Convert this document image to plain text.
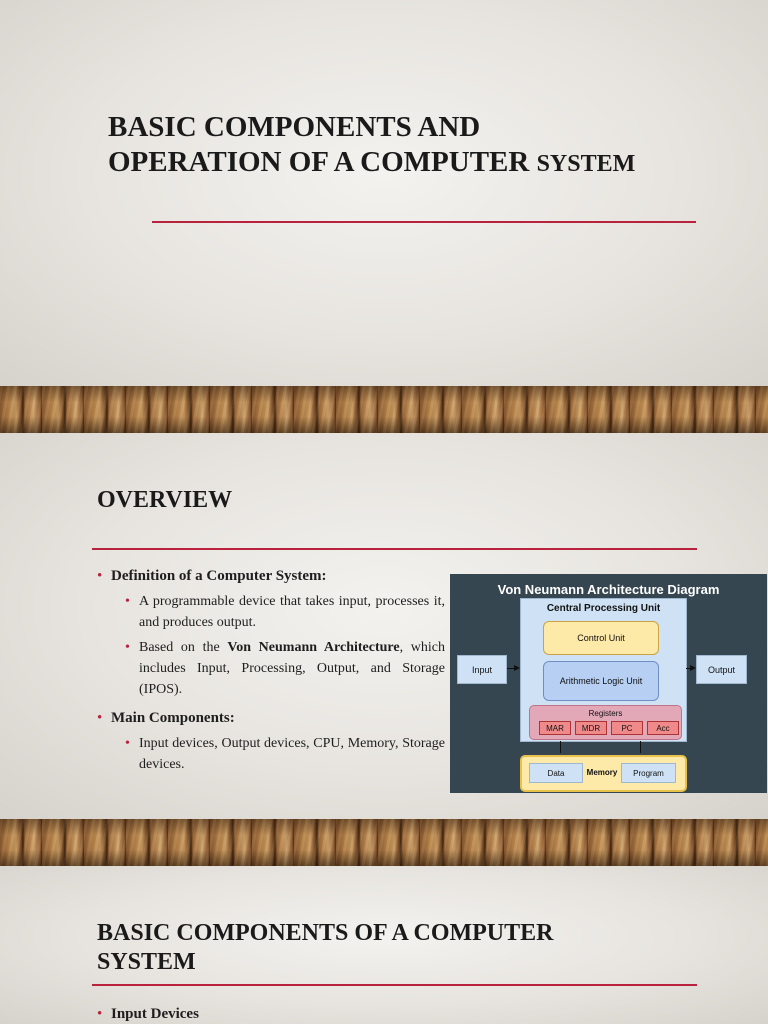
BASIC COMPONENTS AND
OPERATION OF A COMPUTER SYSTEM
OVERVIEW
• Definition of a Computer System:
• A programmable device that takes input, processes it, and produces output.
• Based on the Von Neumann Architecture, which includes Input, Processing, Output, and Storage (IPOS).
• Main Components:
• Input devices, Output devices, CPU, Memory, Storage devices.
Von Neumann Architecture Diagram
Central Processing Unit
Control Unit
Arithmetic Logic Unit
Registers
MAR	MDR	PC	Acc
Input	Output
Data	Memory	Program
BASIC COMPONENTS OF A COMPUTER SYSTEM
• Input Devices
